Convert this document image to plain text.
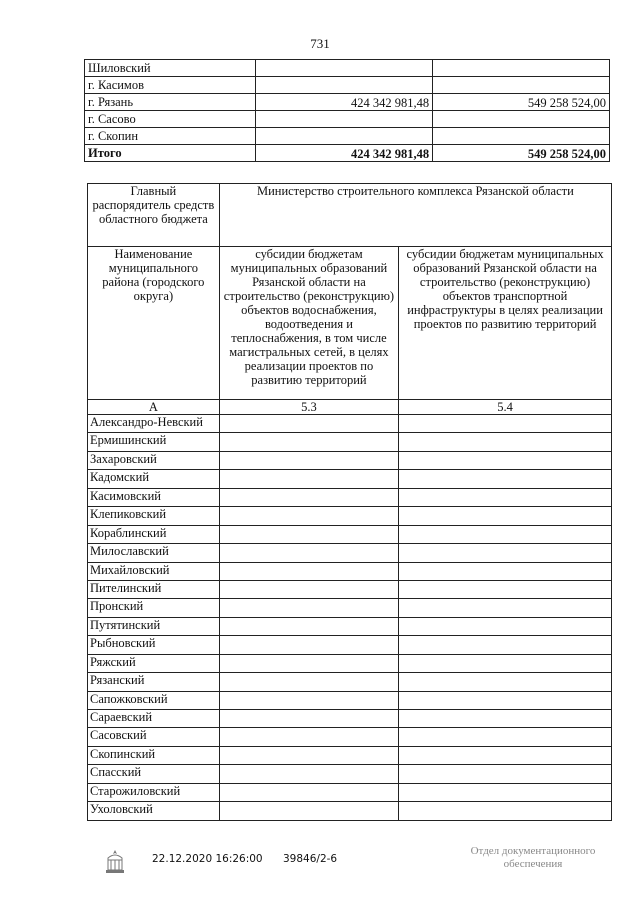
731
Шиловский		
г. Касимов		
г. Рязань	424 342 981,48	549 258 524,00
г. Сасово		
г. Скопин		
Итого	424 342 981,48	549 258 524,00
Главный распорядитель средств областного бюджета	Министерство строительного комплекса Рязанской области	
Наименование муниципального района (городского округа)	субсидии бюджетам муниципальных образований Рязанской области на строительство (реконструкцию) объектов водоснабжения, водоотведения и теплоснабжения, в том числе магистральных сетей, в целях реализации проектов по развитию территорий	субсидии бюджетам муниципальных образований Рязанской области на строительство (реконструкцию) объектов транспортной инфраструктуры в целях реализации проектов по развитию территорий
А	5.3	5.4
Александро-Невский		
Ермишинский		
Захаровский		
Кадомский		
Касимовский		
Клепиковский		
Кораблинский		
Милославский		
Михайловский		
Пителинский		
Пронский		
Путятинский		
Рыбновский		
Ряжский		
Рязанский		
Сапожковский		
Сараевский		
Сасовский		
Скопинский		
Спасский		
Старожиловский		
Ухоловский		
22.12.2020 16:26:00 39846/2-6
Отдел документационного
обеспечения
